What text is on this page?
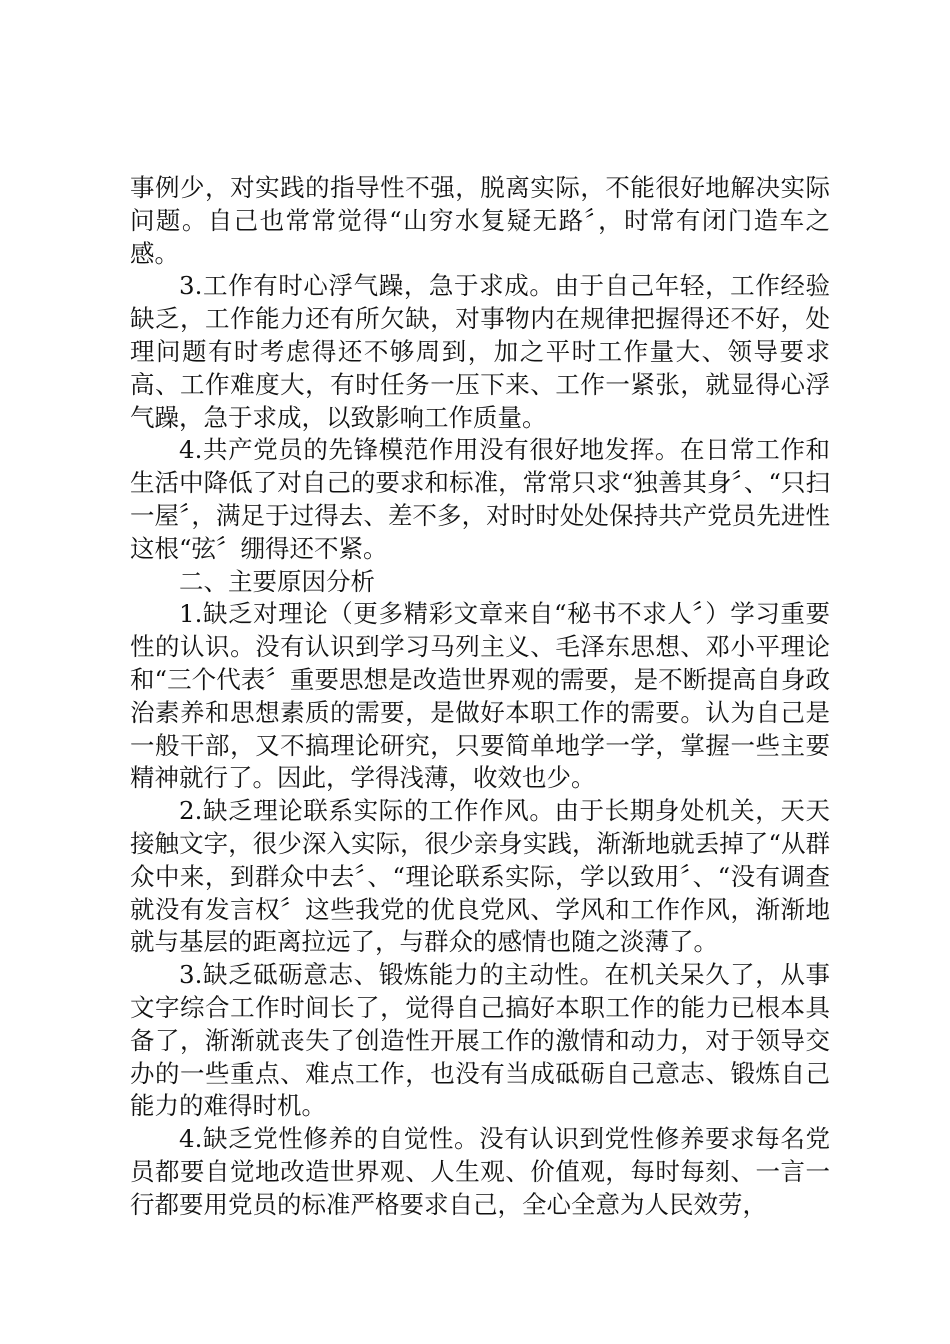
事例少，对实践的指导性不强，脱离实际，不能很好地解决实际问题。自己也常常觉得“山穷水复疑无路〞，时常有闭门造车之感。

3.工作有时心浮气躁，急于求成。由于自己年轻，工作经验缺乏，工作能力还有所欠缺，对事物内在规律把握得还不好，处理问题有时考虑得还不够周到，加之平时工作量大、领导要求高、工作难度大，有时任务一压下来、工作一紧张，就显得心浮气躁，急于求成，以致影响工作质量。

4.共产党员的先锋模范作用没有很好地发挥。在日常工作和生活中降低了对自己的要求和标准，常常只求“独善其身〞、“只扫一屋〞，满足于过得去、差不多，对时时处处保持共产党员先进性这根“弦〞绷得还不紧。

二、主要原因分析

1.缺乏对理论（更多精彩文章来自“秘书不求人〞）学习重要性的认识。没有认识到学习马列主义、毛泽东思想、邓小平理论和“三个代表〞重要思想是改造世界观的需要，是不断提高自身政治素养和思想素质的需要，是做好本职工作的需要。认为自己是一般干部，又不搞理论研究，只要简单地学一学，掌握一些主要精神就行了。因此，学得浅薄，收效也少。

2.缺乏理论联系实际的工作作风。由于长期身处机关，天天接触文字，很少深入实际，很少亲身实践，渐渐地就丢掉了“从群众中来，到群众中去〞、“理论联系实际，学以致用〞、“没有调查就没有发言权〞这些我党的优良党风、学风和工作作风，渐渐地就与基层的距离拉远了，与群众的感情也随之淡薄了。

3.缺乏砥砺意志、锻炼能力的主动性。在机关呆久了，从事文字综合工作时间长了，觉得自己搞好本职工作的能力已根本具备了，渐渐就丧失了创造性开展工作的激情和动力，对于领导交办的一些重点、难点工作，也没有当成砥砺自己意志、锻炼自己能力的难得时机。

4.缺乏党性修养的自觉性。没有认识到党性修养要求每名党员都要自觉地改造世界观、人生观、价值观，每时每刻、一言一行都要用党员的标准严格要求自己，全心全意为人民效劳，
